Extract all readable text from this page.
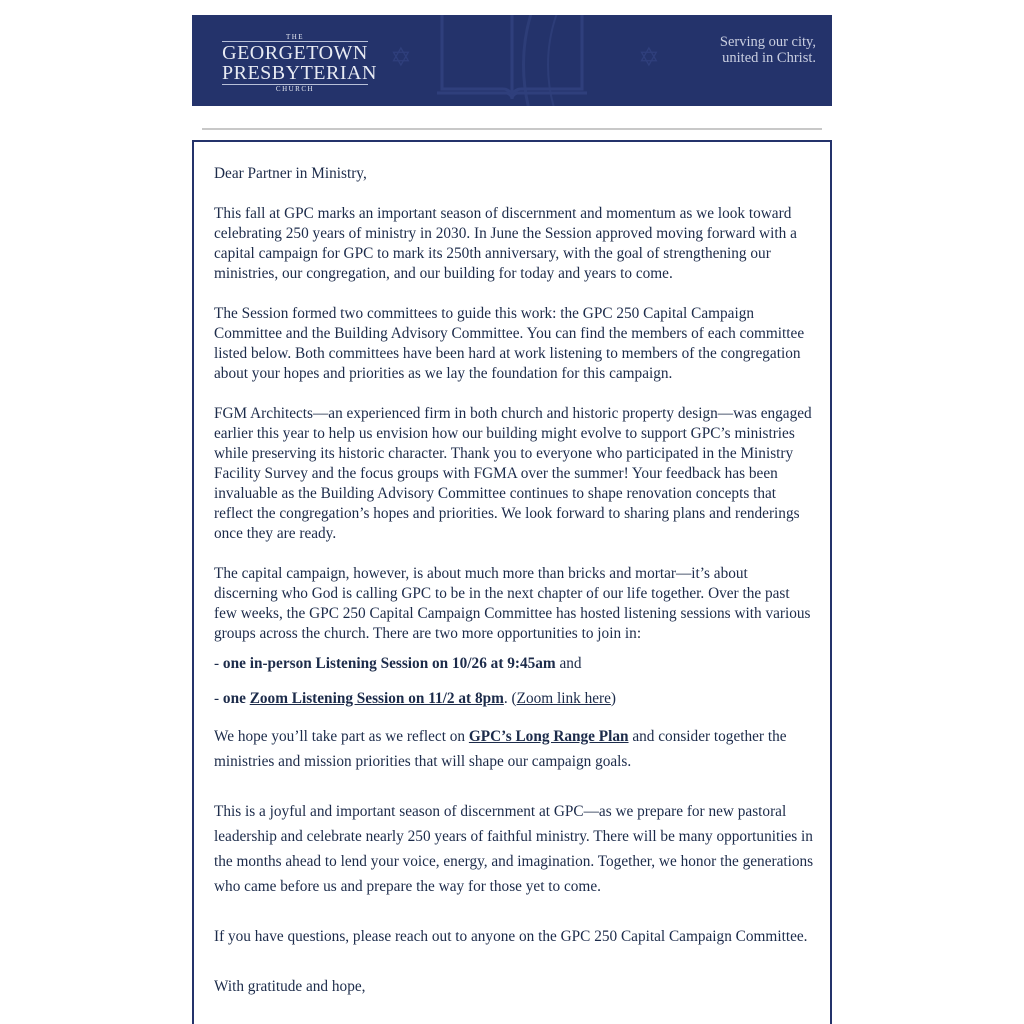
✡	✡
THE
GEORGETOWN
PRESBYTERIAN
CHURCH
Serving our city,
united in Christ.

Dear Partner in Ministry,

This fall at GPC marks an important season of discernment and momentum as we look toward celebrating 250 years of ministry in 2030. In June the Session approved moving forward with a capital campaign for GPC to mark its 250th anniversary, with the goal of strengthening our ministries, our congregation, and our building for today and years to come.

The Session formed two committees to guide this work: the GPC 250 Capital Campaign Committee and the Building Advisory Committee. You can find the members of each committee listed below. Both committees have been hard at work listening to members of the congregation about your hopes and priorities as we lay the foundation for this campaign.

FGM Architects—an experienced firm in both church and historic property design—was engaged earlier this year to help us envision how our building might evolve to support GPC’s ministries while preserving its historic character. Thank you to everyone who participated in the Ministry Facility Survey and the focus groups with FGMA over the summer! Your feedback has been invaluable as the Building Advisory Committee continues to shape renovation concepts that reflect the congregation’s hopes and priorities. We look forward to sharing plans and renderings once they are ready.

The capital campaign, however, is about much more than bricks and mortar—it’s about discerning who God is calling GPC to be in the next chapter of our life together. Over the past few weeks, the GPC 250 Capital Campaign Committee has hosted listening sessions with various groups across the church. There are two more opportunities to join in:

- one in-person Listening Session on 10/26 at 9:45am and

- one Zoom Listening Session on 11/2 at 8pm. (Zoom link here)

We hope you’ll take part as we reflect on GPC’s Long Range Plan and consider together the ministries and mission priorities that will shape our campaign goals.

This is a joyful and important season of discernment at GPC—as we prepare for new pastoral leadership and celebrate nearly 250 years of faithful ministry. There will be many opportunities in the months ahead to lend your voice, energy, and imagination. Together, we honor the generations who came before us and prepare the way for those yet to come.

If you have questions, please reach out to anyone on the GPC 250 Capital Campaign Committee.

With gratitude and hope,
